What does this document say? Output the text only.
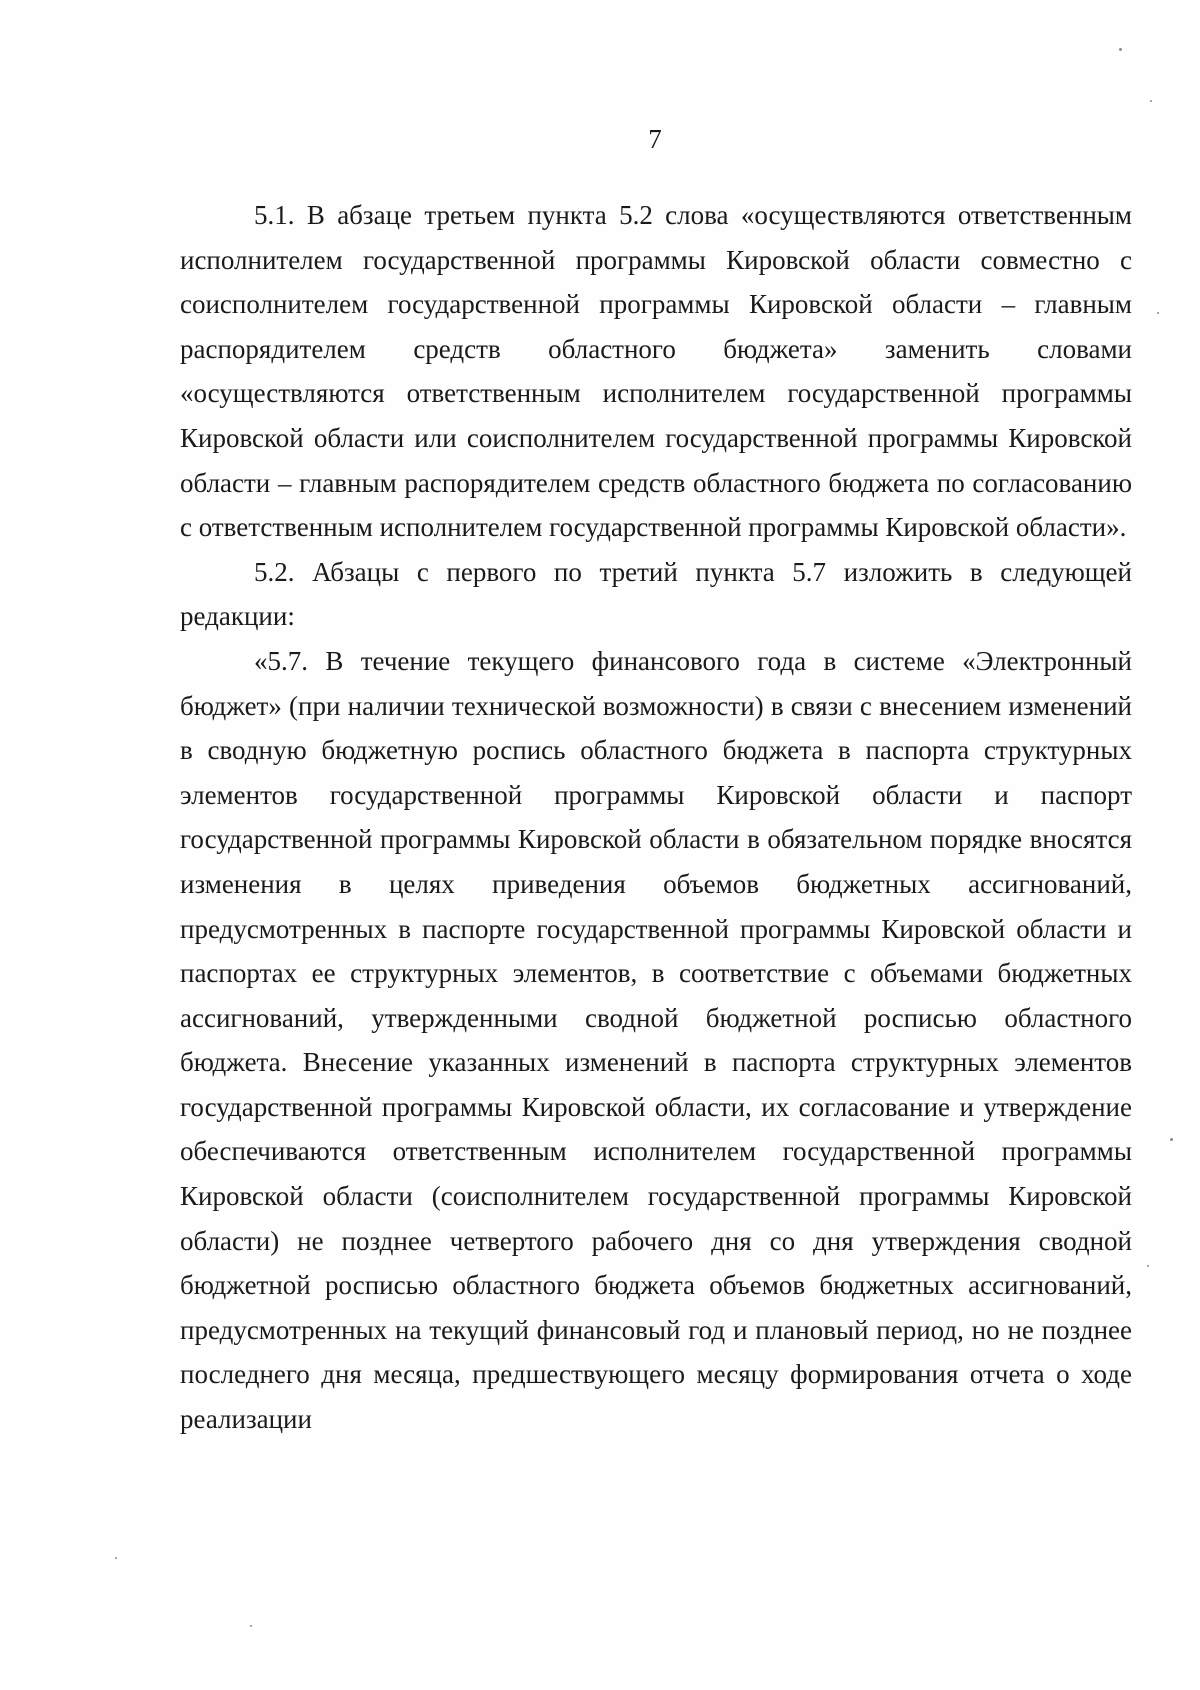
7

5.1. В абзаце третьем пункта 5.2 слова «осуществляются ответственным исполнителем государственной программы Кировской области совместно с соисполнителем государственной программы Кировской области – главным распорядителем средств областного бюджета» заменить словами «осуществляются ответственным исполнителем государственной программы Кировской области или соисполнителем государственной программы Кировской области – главным распорядителем средств областного бюджета по согласованию с ответственным исполнителем государственной программы Кировской области».

5.2. Абзацы с первого по третий пункта 5.7 изложить в следующей редакции:

«5.7. В течение текущего финансового года в системе «Электронный бюджет» (при наличии технической возможности) в связи с внесением изменений в сводную бюджетную роспись областного бюджета в паспорта структурных элементов государственной программы Кировской области и паспорт государственной программы Кировской области в обязательном порядке вносятся изменения в целях приведения объемов бюджетных ассигнований, предусмотренных в паспорте государственной программы Кировской области и паспортах ее структурных элементов, в соответствие с объемами бюджетных ассигнований, утвержденными сводной бюджетной росписью областного бюджета. Внесение указанных изменений в паспорта структурных элементов государственной программы Кировской области, их согласование и утверждение обеспечиваются ответственным исполнителем государственной программы Кировской области (соисполнителем государственной программы Кировской области) не позднее четвертого рабочего дня со дня утверждения сводной бюджетной росписью областного бюджета объемов бюджетных ассигнований, предусмотренных на текущий финансовый год и плановый период, но не позднее последнего дня месяца, предшествующего месяцу формирования отчета о ходе реализации
